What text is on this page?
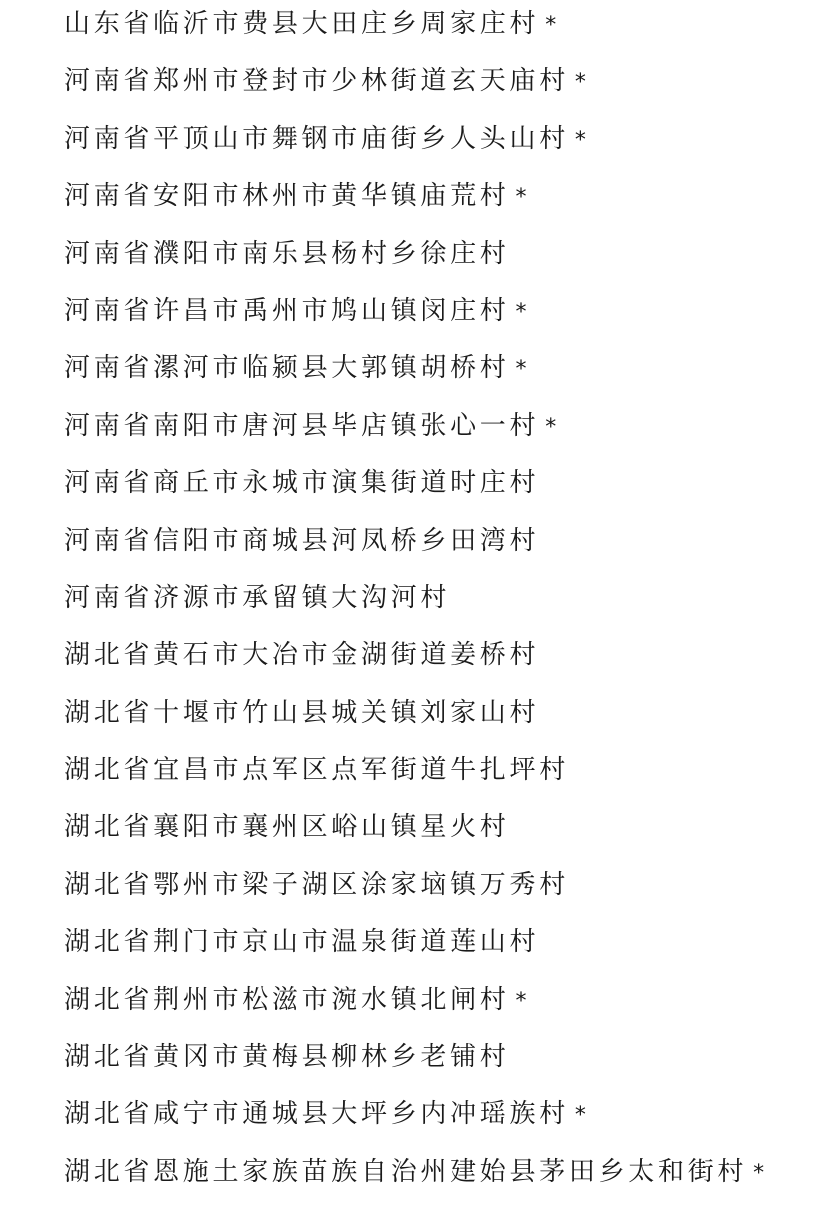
山东省临沂市费县大田庄乡周家庄村 *
河南省郑州市登封市少林街道玄天庙村 *
河南省平顶山市舞钢市庙街乡人头山村 *
河南省安阳市林州市黄华镇庙荒村 *
河南省濮阳市南乐县杨村乡徐庄村
河南省许昌市禹州市鸠山镇闵庄村 *
河南省漯河市临颍县大郭镇胡桥村 *
河南省南阳市唐河县毕店镇张心一村 *
河南省商丘市永城市演集街道时庄村
河南省信阳市商城县河凤桥乡田湾村
河南省济源市承留镇大沟河村
湖北省黄石市大冶市金湖街道姜桥村
湖北省十堰市竹山县城关镇刘家山村
湖北省宜昌市点军区点军街道牛扎坪村
湖北省襄阳市襄州区峪山镇星火村
湖北省鄂州市梁子湖区涂家垴镇万秀村
湖北省荆门市京山市温泉街道莲山村
湖北省荆州市松滋市涴水镇北闸村 *
湖北省黄冈市黄梅县柳林乡老铺村
湖北省咸宁市通城县大坪乡内冲瑶族村 *
湖北省恩施土家族苗族自治州建始县茅田乡太和街村 *
